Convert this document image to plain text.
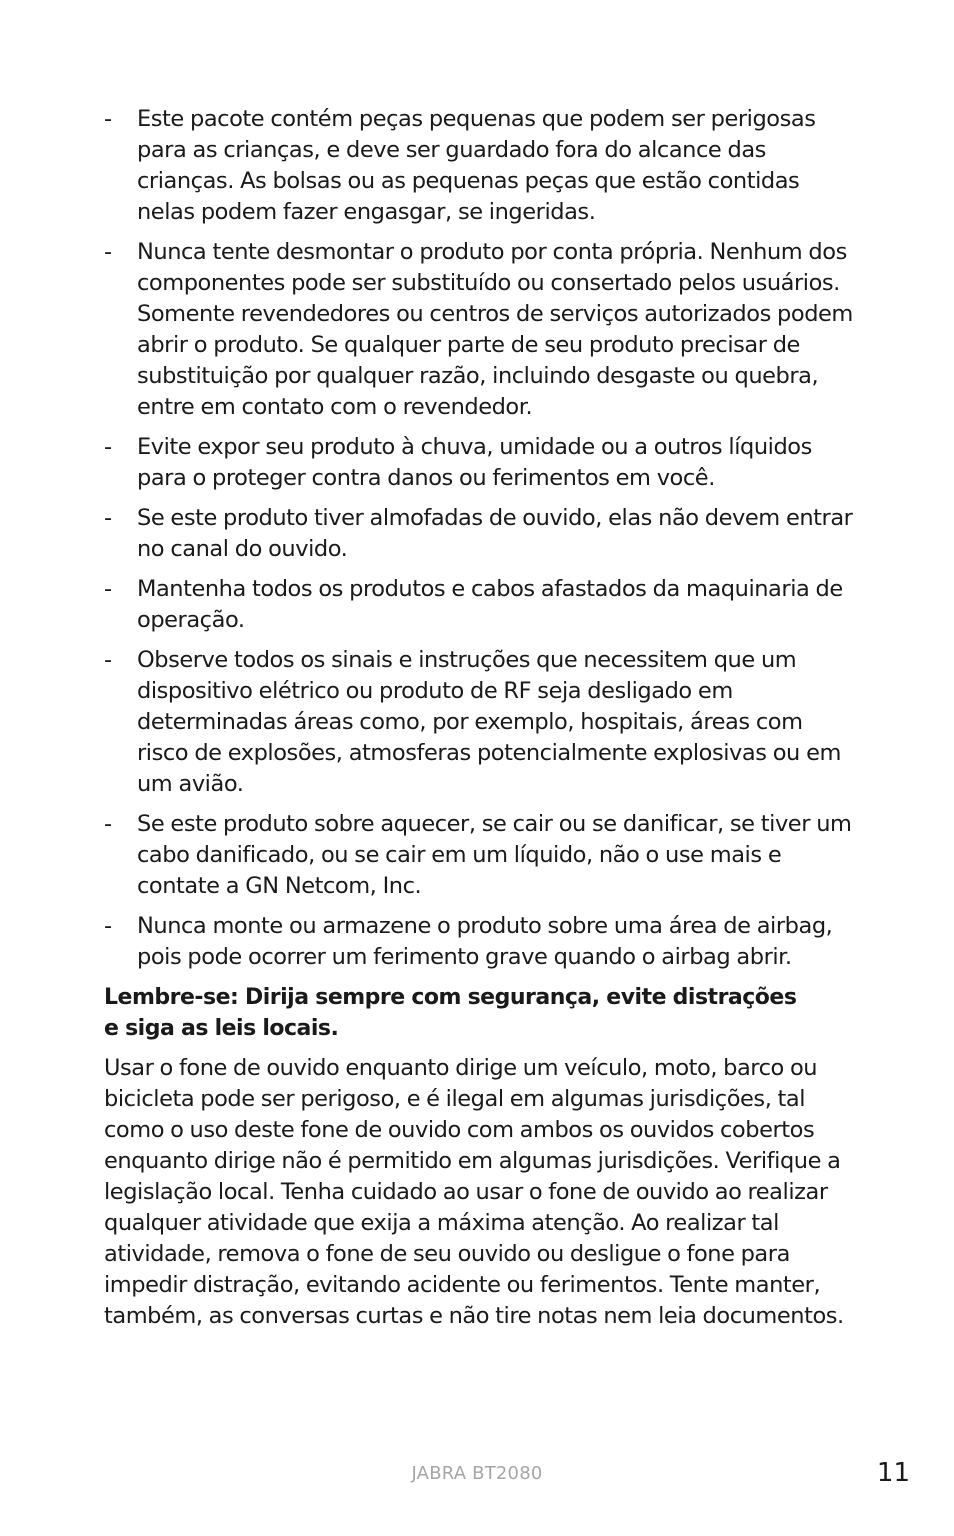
-	Este pacote contém peças pequenas que podem ser perigosas para as crianças, e deve ser guardado fora do alcance das crianças. As bolsas ou as pequenas peças que estão contidas nelas podem fazer engasgar, se ingeridas.
-	Nunca tente desmontar o produto por conta própria. Nenhum dos componentes pode ser substituído ou consertado pelos usuários. Somente revendedores ou centros de serviços autorizados podem abrir o produto. Se qualquer parte de seu produto precisar de substituição por qualquer razão, incluindo desgaste ou quebra, entre em contato com o revendedor.
-	Evite expor seu produto à chuva, umidade ou a outros líquidos para o proteger contra danos ou ferimentos em você.
-	Se este produto tiver almofadas de ouvido, elas não devem entrar no canal do ouvido.
-	Mantenha todos os produtos e cabos afastados da maquinaria de operação.
-	Observe todos os sinais e instruções que necessitem que um dispositivo elétrico ou produto de RF seja desligado em determinadas áreas como, por exemplo, hospitais, áreas com risco de explosões, atmosferas potencialmente explosivas ou em um avião.
-	Se este produto sobre aquecer, se cair ou se danificar, se tiver um cabo danificado, ou se cair em um líquido, não o use mais e contate a GN Netcom, Inc.
-	Nunca monte ou armazene o produto sobre uma área de airbag, pois pode ocorrer um ferimento grave quando o airbag abrir.

Lembre-se: Dirija sempre com segurança, evite distrações e siga as leis locais.

Usar o fone de ouvido enquanto dirige um veículo, moto, barco ou bicicleta pode ser perigoso, e é ilegal em algumas jurisdições, tal como o uso deste fone de ouvido com ambos os ouvidos cobertos enquanto dirige não é permitido em algumas jurisdições. Verifique a legislação local. Tenha cuidado ao usar o fone de ouvido ao realizar qualquer atividade que exija a máxima atenção. Ao realizar tal atividade, remova o fone de seu ouvido ou desligue o fone para impedir distração, evitando acidente ou ferimentos. Tente manter, também, as conversas curtas e não tire notas nem leia documentos.

JABRA BT2080	11
